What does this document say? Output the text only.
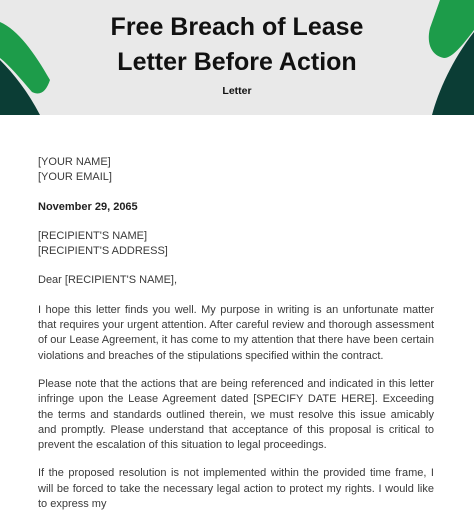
Free Breach of Lease
Letter Before Action
Letter
[YOUR NAME]
[YOUR EMAIL]
November 29, 2065
[RECIPIENT'S NAME]
[RECIPIENT'S ADDRESS]
Dear [RECIPIENT'S NAME],

I hope this letter finds you well. My purpose in writing is an unfortunate matter that requires your urgent attention. After careful review and thorough assessment of our Lease Agreement, it has come to my attention that there have been certain violations and breaches of the stipulations specified within the contract.

Please note that the actions that are being referenced and indicated in this letter infringe upon the Lease Agreement dated [SPECIFY DATE HERE]. Exceeding the terms and standards outlined therein, we must resolve this issue amicably and promptly. Please understand that acceptance of this proposal is critical to prevent the escalation of this situation to legal proceedings.

If the proposed resolution is not implemented within the provided time frame, I will be forced to take the necessary legal action to protect my rights. I would like to express my
